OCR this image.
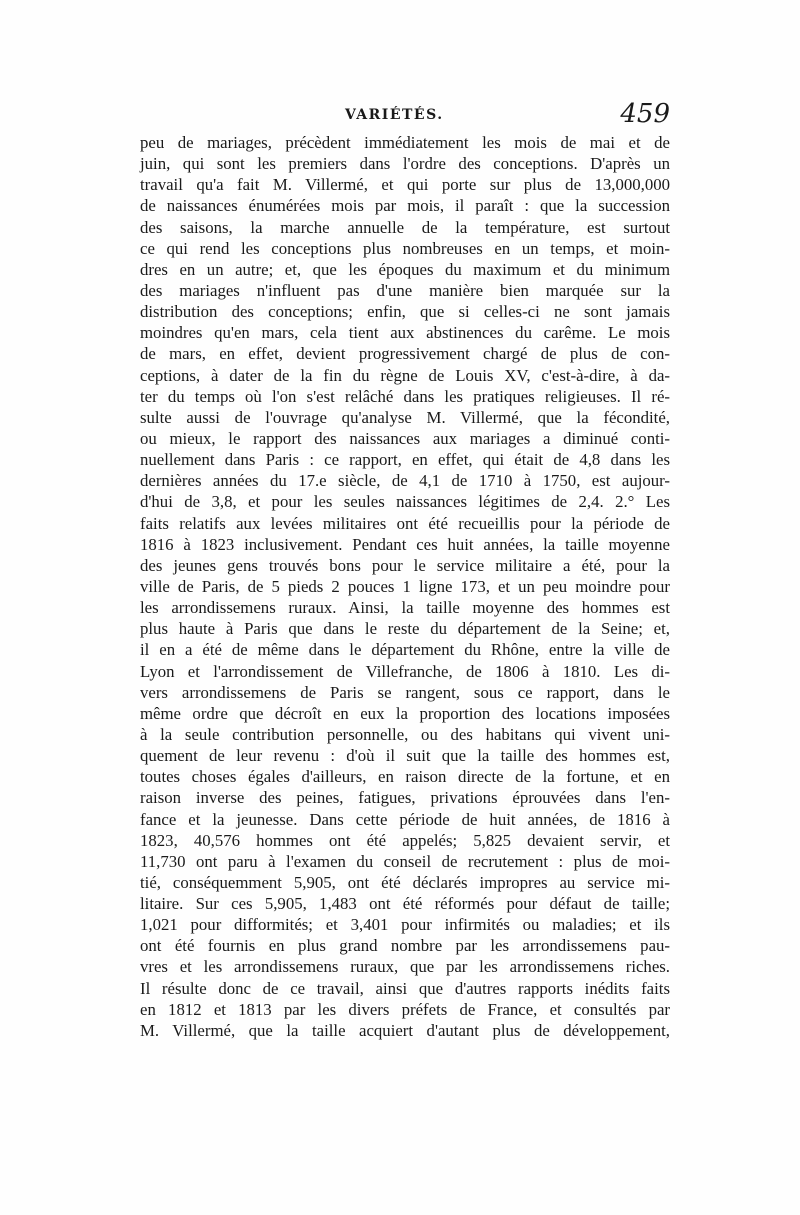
VARIÉTÉS.	459
peu de mariages, précèdent immédiatement les mois de mai et de
juin, qui sont les premiers dans l'ordre des conceptions. D'après un
travail qu'a fait M. Villermé, et qui porte sur plus de 13,000,000
de naissances énumérées mois par mois, il paraît : que la succession
des saisons, la marche annuelle de la température, est surtout
ce qui rend les conceptions plus nombreuses en un temps, et moin-
dres en un autre; et, que les époques du maximum et du minimum
des mariages n'influent pas d'une manière bien marquée sur la
distribution des conceptions; enfin, que si celles-ci ne sont jamais
moindres qu'en mars, cela tient aux abstinences du carême. Le mois
de mars, en effet, devient progressivement chargé de plus de con-
ceptions, à dater de la fin du règne de Louis XV, c'est-à-dire, à da-
ter du temps où l'on s'est relâché dans les pratiques religieuses. Il ré-
sulte aussi de l'ouvrage qu'analyse M. Villermé, que la fécondité,
ou mieux, le rapport des naissances aux mariages a diminué conti-
nuellement dans Paris : ce rapport, en effet, qui était de 4,8 dans les
dernières années du 17.e siècle, de 4,1 de 1710 à 1750, est aujour-
d'hui de 3,8, et pour les seules naissances légitimes de 2,4. 2.° Les
faits relatifs aux levées militaires ont été recueillis pour la période de
1816 à 1823 inclusivement. Pendant ces huit années, la taille moyenne
des jeunes gens trouvés bons pour le service militaire a été, pour la
ville de Paris, de 5 pieds 2 pouces 1 ligne 173, et un peu moindre pour
les arrondissemens ruraux. Ainsi, la taille moyenne des hommes est
plus haute à Paris que dans le reste du département de la Seine; et,
il en a été de même dans le département du Rhône, entre la ville de
Lyon et l'arrondissement de Villefranche, de 1806 à 1810. Les di-
vers arrondissemens de Paris se rangent, sous ce rapport, dans le
même ordre que décroît en eux la proportion des locations imposées
à la seule contribution personnelle, ou des habitans qui vivent uni-
quement de leur revenu : d'où il suit que la taille des hommes est,
toutes choses égales d'ailleurs, en raison directe de la fortune, et en
raison inverse des peines, fatigues, privations éprouvées dans l'en-
fance et la jeunesse. Dans cette période de huit années, de 1816 à
1823, 40,576 hommes ont été appelés; 5,825 devaient servir, et
11,730 ont paru à l'examen du conseil de recrutement : plus de moi-
tié, conséquemment 5,905, ont été déclarés impropres au service mi-
litaire. Sur ces 5,905, 1,483 ont été réformés pour défaut de taille;
1,021 pour difformités; et 3,401 pour infirmités ou maladies; et ils
ont été fournis en plus grand nombre par les arrondissemens pau-
vres et les arrondissemens ruraux, que par les arrondissemens riches.
Il résulte donc de ce travail, ainsi que d'autres rapports inédits faits
en 1812 et 1813 par les divers préfets de France, et consultés par
M. Villermé, que la taille acquiert d'autant plus de développement,
